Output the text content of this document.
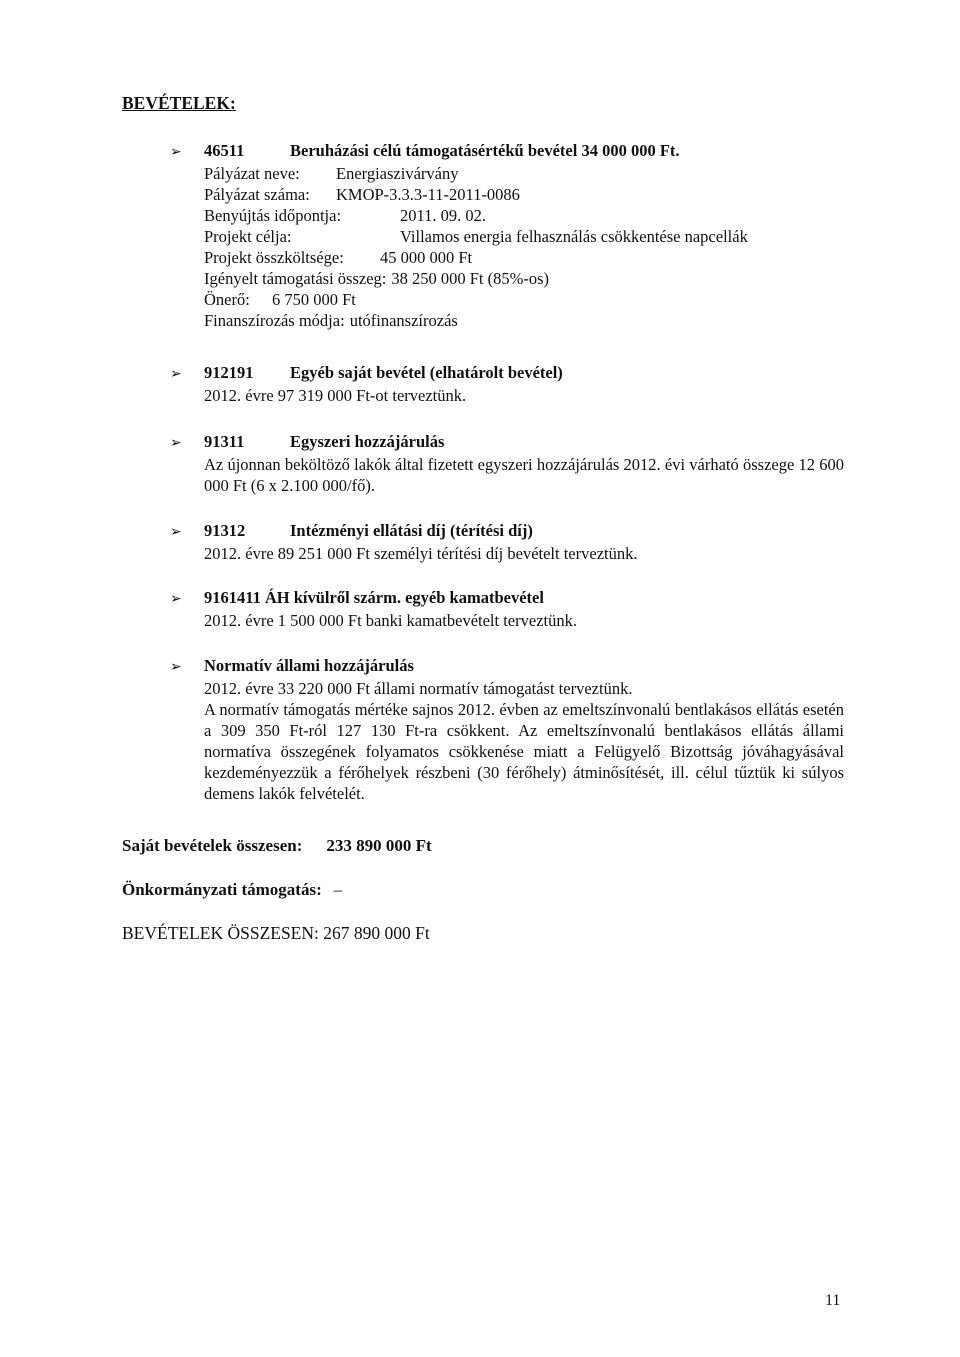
BEVÉTELEK:
➢	46511	Beruházási célú támogatásértékű bevétel 34 000 000 Ft.
Pályázat neve:	Energiaszivárvány
Pályázat száma:	KMOP-3.3.3-11-2011-0086
Benyújtás időpontja:	2011. 09. 02.
Projekt célja:	Villamos energia felhasználás csökkentése napcellák
Projekt összköltsége:	45 000 000 Ft
Igényelt támogatási összeg: 38 250 000 Ft (85%-os)
Önerő:	6 750 000 Ft
Finanszírozás módja: utófinanszírozás
➢	912191	Egyéb saját bevétel (elhatárolt bevétel)
2012. évre 97 319 000 Ft-ot terveztünk.
➢	91311	Egyszeri hozzájárulás
Az újonnan beköltöző lakók által fizetett egyszeri hozzájárulás 2012. évi várható összege 12 600 000 Ft (6 x 2.100 000/fő).
➢	91312	Intézményi ellátási díj (térítési díj)
2012. évre 89 251 000 Ft személyi térítési díj bevételt terveztünk.
➢	9161411 ÁH kívülről szárm. egyéb kamatbevétel
2012. évre 1 500 000 Ft banki kamatbevételt terveztünk.
➢	Normatív állami hozzájárulás
2012. évre 33 220 000 Ft állami normatív támogatást terveztünk.
A normatív támogatás mértéke sajnos 2012. évben az emeltszínvonalú bentlakásos ellátás esetén a 309 350 Ft-ról 127 130 Ft-ra csökkent. Az emeltszínvonalú bentlakásos ellátás állami normatíva összegének folyamatos csökkenése miatt a Felügyelő Bizottság jóváhagyásával kezdeményezzük a férőhelyek részbeni (30 férőhely) átminősítését, ill. célul tűztük ki súlyos demens lakók felvételét.
Saját bevételek összesen: 233 890 000 Ft
Önkormányzati támogatás: –
BEVÉTELEK ÖSSZESEN: 267 890 000 Ft
11
